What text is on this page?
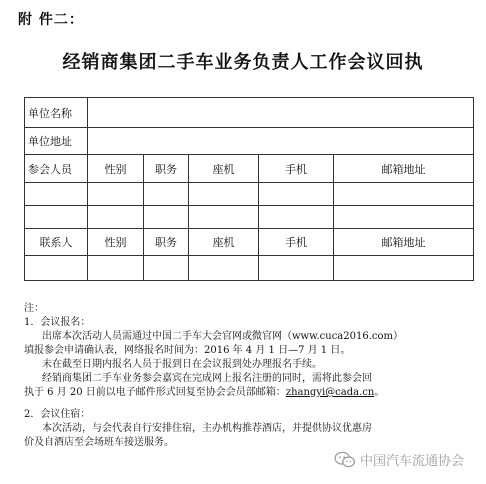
附 件二：
经销商集团二手车业务负责人工作会议回执
单位名称					
单位地址					
参会人员	性别	职务	座机	手机	邮箱地址

联系人	性别	职务	座机	手机	邮箱地址

注：

1．会议报名：

出席本次活动人员需通过中国二手车大会官网或微官网（www.cuca2016.com）

填报参会申请确认表，网络报名时间为：2016 年 4 月 1 日—7 月 1 日。

未在截至日期内报名人员于报到日在会议报到处办理报名手续。

经销商集团二手车业务参会嘉宾在完成网上报名注册的同时，需将此参会回

执于 6 月 20 日前以电子邮件形式回复至协会会员部邮箱：zhangyi@cada.cn。

2．会议住宿：

本次活动，与会代表自行安排住宿，主办机构推荐酒店，并提供协议优惠房

价及自酒店至会场班车接送服务。

中国汽车流通协会
